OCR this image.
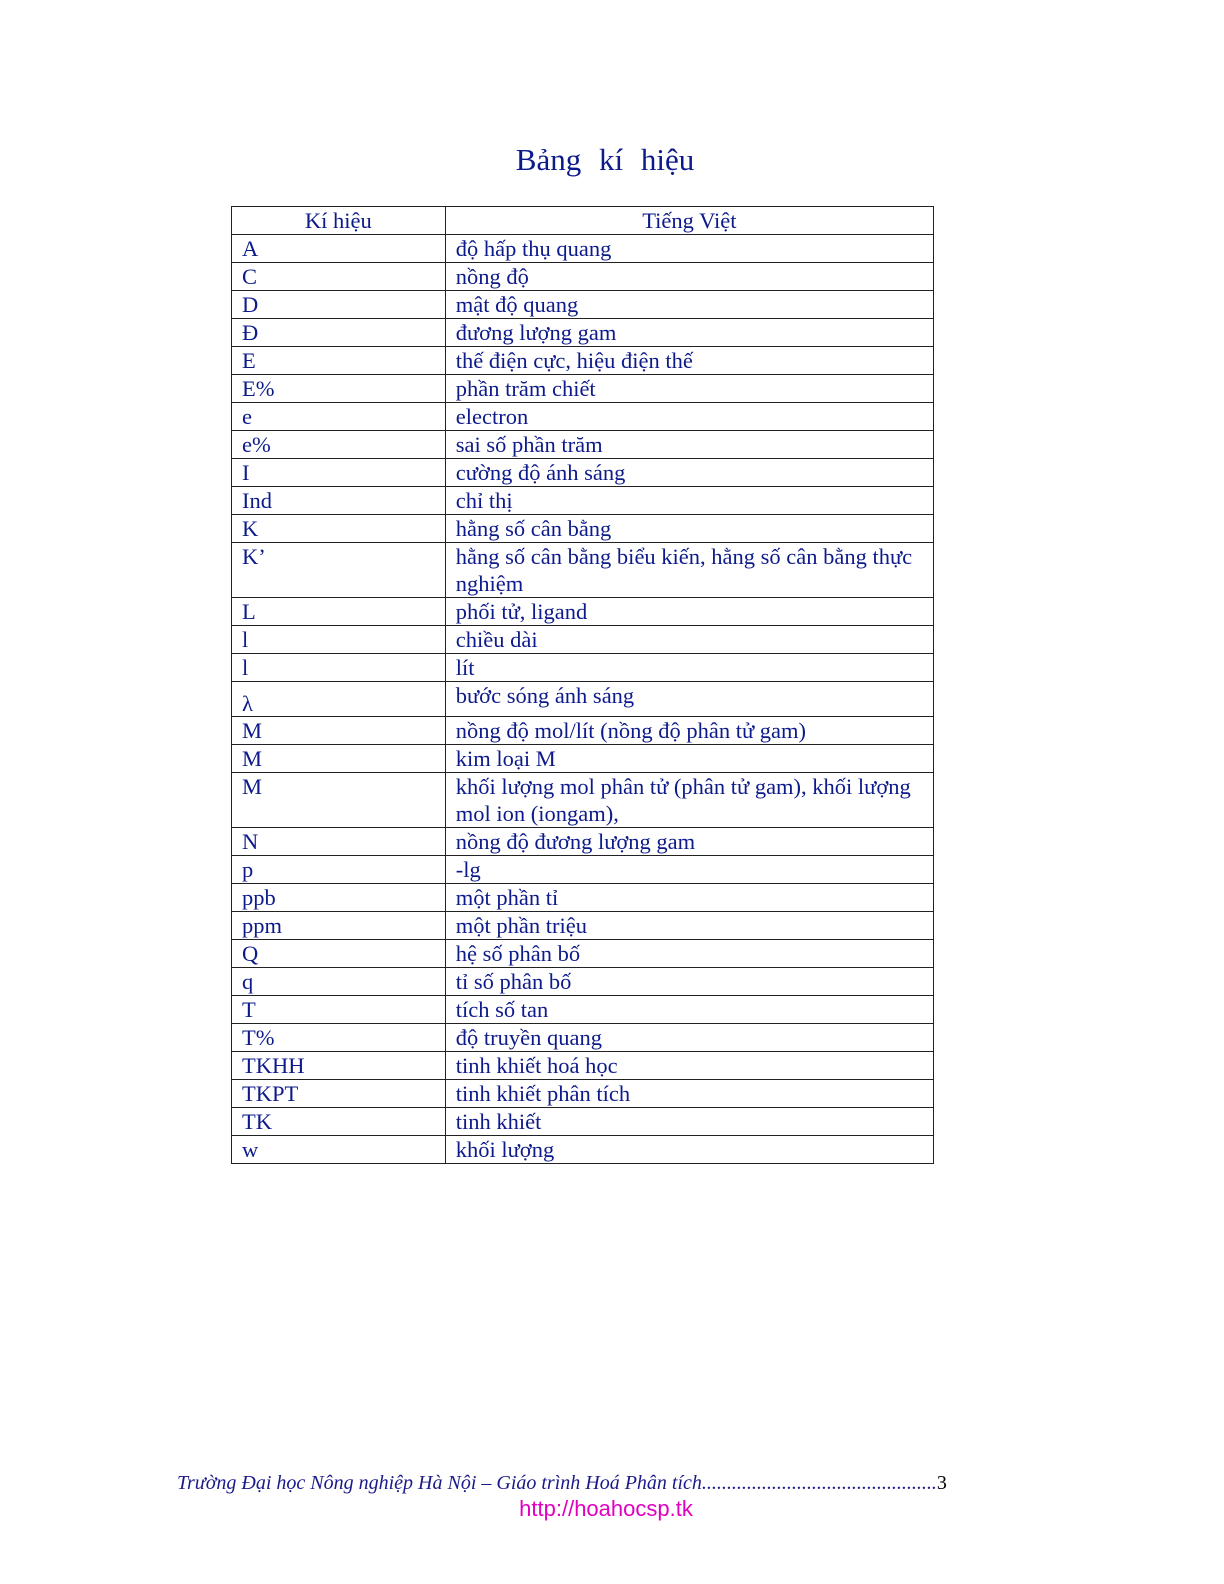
Bảng kí hiệu
Kí hiệu	Tiếng Việt
A	độ hấp thụ quang
C	nồng độ
D	mật độ quang
Đ	đương lượng gam
E	thế điện cực, hiệu điện thế
E%	phần trăm chiết
e	electron
e%	sai số phần trăm
I	cường độ ánh sáng
Ind	chỉ thị
K	hằng số cân bằng
K’	hằng số cân bằng biểu kiến, hằng số cân bằng thực nghiệm
L	phối tử, ligand
l	chiều dài
l	lít
λ	bước sóng ánh sáng
M	nồng độ mol/lít (nồng độ phân tử gam)
M	kim loại M
M	khối lượng mol phân tử (phân tử gam), khối lượng mol ion (iongam),
N	nồng độ đương lượng gam
p	-lg
ppb	một phần tỉ
ppm	một phần triệu
Q	hệ số phân bố
q	tỉ số phân bố
T	tích số tan
T%	độ truyền quang
TKHH	tinh khiết hoá học
TKPT	tinh khiết phân tích
TK	tinh khiết
w	khối lượng
Trường Đại học Nông nghiệp Hà Nội – Giáo trình Hoá Phân tích...............................................3
http://hoahocsp.tk
